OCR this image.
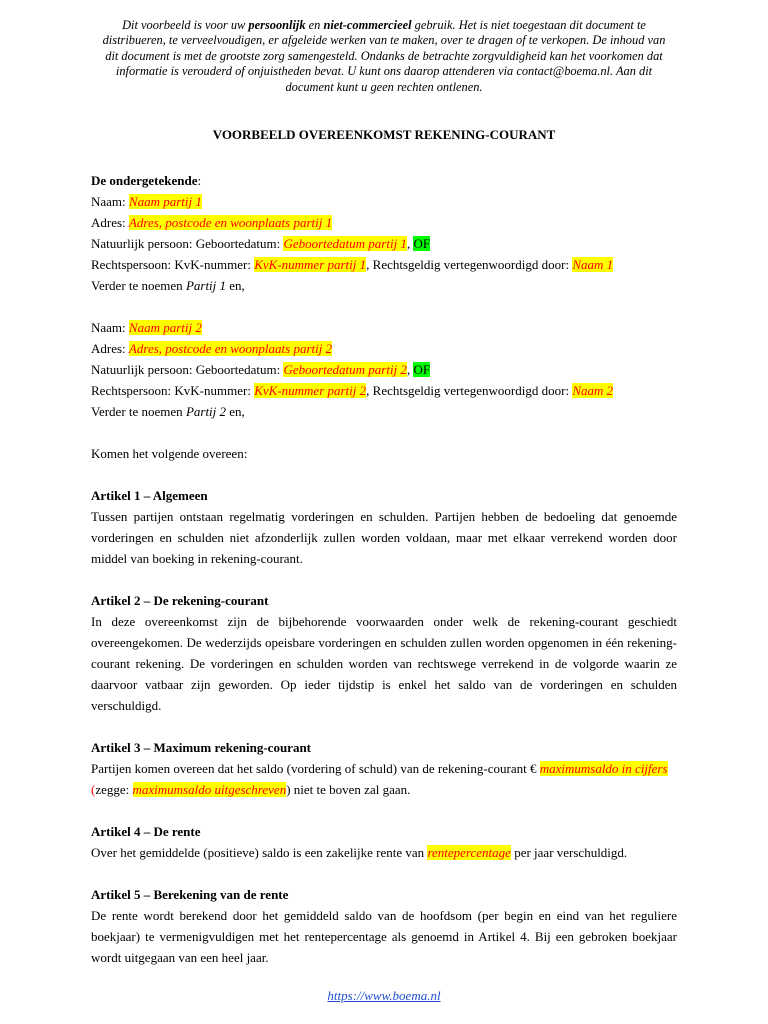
Dit voorbeeld is voor uw persoonlijk en niet-commercieel gebruik. Het is niet toegestaan dit document te distribueren, te verveelvoudigen, er afgeleide werken van te maken, over te dragen of te verkopen. De inhoud van dit document is met de grootste zorg samengesteld. Ondanks de betrachte zorgvuldigheid kan het voorkomen dat informatie is verouderd of onjuistheden bevat. U kunt ons daarop attenderen via contact@boema.nl. Aan dit document kunt u geen rechten ontlenen.
VOORBEELD OVEREENKOMST REKENING-COURANT
De ondergetekende:
Naam: Naam partij 1
Adres: Adres, postcode en woonplaats partij 1
Natuurlijk persoon: Geboortedatum: Geboortedatum partij 1, OF
Rechtspersoon: KvK-nummer: KvK-nummer partij 1, Rechtsgeldig vertegenwoordigd door: Naam 1
Verder te noemen Partij 1 en,
Naam: Naam partij 2
Adres: Adres, postcode en woonplaats partij 2
Natuurlijk persoon: Geboortedatum: Geboortedatum partij 2, OF
Rechtspersoon: KvK-nummer: KvK-nummer partij 2, Rechtsgeldig vertegenwoordigd door: Naam 2
Verder te noemen Partij 2 en,
Komen het volgende overeen:
Artikel 1 – Algemeen
Tussen partijen ontstaan regelmatig vorderingen en schulden. Partijen hebben de bedoeling dat genoemde
vorderingen en schulden niet afzonderlijk zullen worden voldaan, maar met elkaar verrekend worden door
middel van boeking in rekening-courant.
Artikel 2 – De rekening-courant
In deze overeenkomst zijn de bijbehorende voorwaarden onder welk de rekening-courant geschiedt
overeengekomen. De wederzijds opeisbare vorderingen en schulden zullen worden opgenomen in één rekening-
courant rekening. De vorderingen en schulden worden van rechtswege verrekend in de volgorde waarin ze
daarvoor vatbaar zijn geworden. Op ieder tijdstip is enkel het saldo van de vorderingen en schulden
verschuldigd.
Artikel 3 – Maximum rekening-courant
Partijen komen overeen dat het saldo (vordering of schuld) van de rekening-courant € maximumsaldo in cijfers
(zegge: maximumsaldo uitgeschreven) niet te boven zal gaan.
Artikel 4 – De rente
Over het gemiddelde (positieve) saldo is een zakelijke rente van rentepercentage per jaar verschuldigd.
Artikel 5 – Berekening van de rente
De rente wordt berekend door het gemiddeld saldo van de hoofdsom (per begin en eind van het reguliere
boekjaar) te vermenigvuldigen met het rentepercentage als genoemd in Artikel 4. Bij een gebroken boekjaar
wordt uitgegaan van een heel jaar.
https://www.boema.nl
